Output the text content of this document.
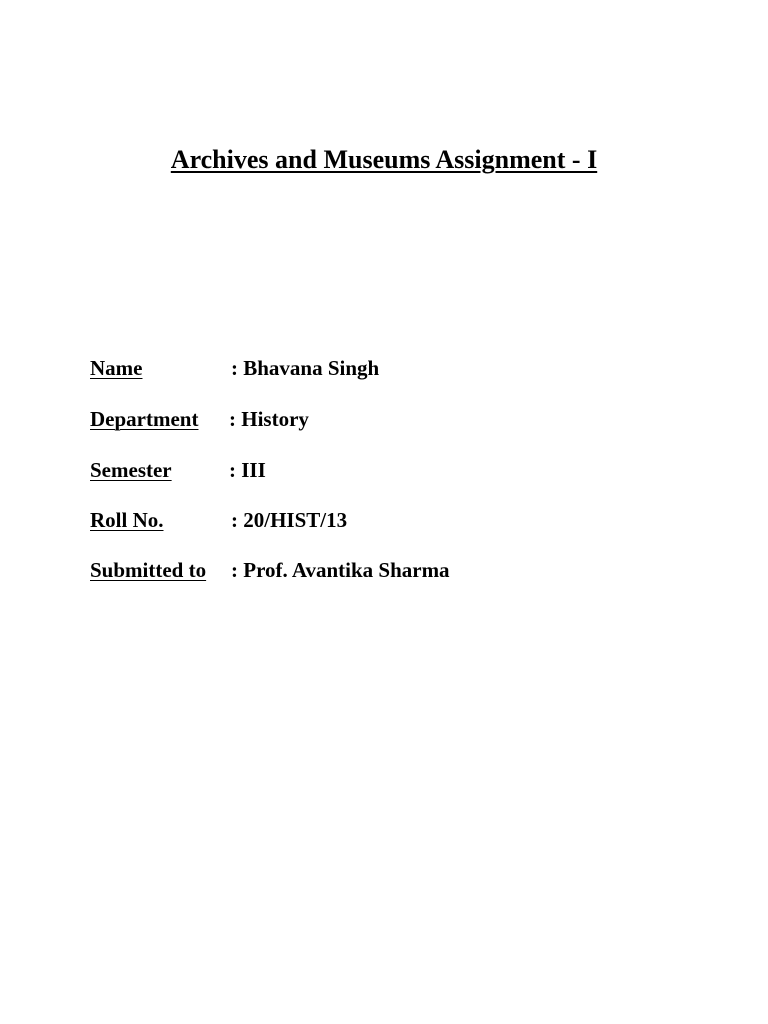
Archives and Museums Assignment - I
Name	: Bhavana Singh
Department : History
Semester	: III
Roll No.	: 20/HIST/13
Submitted to : Prof. Avantika Sharma
